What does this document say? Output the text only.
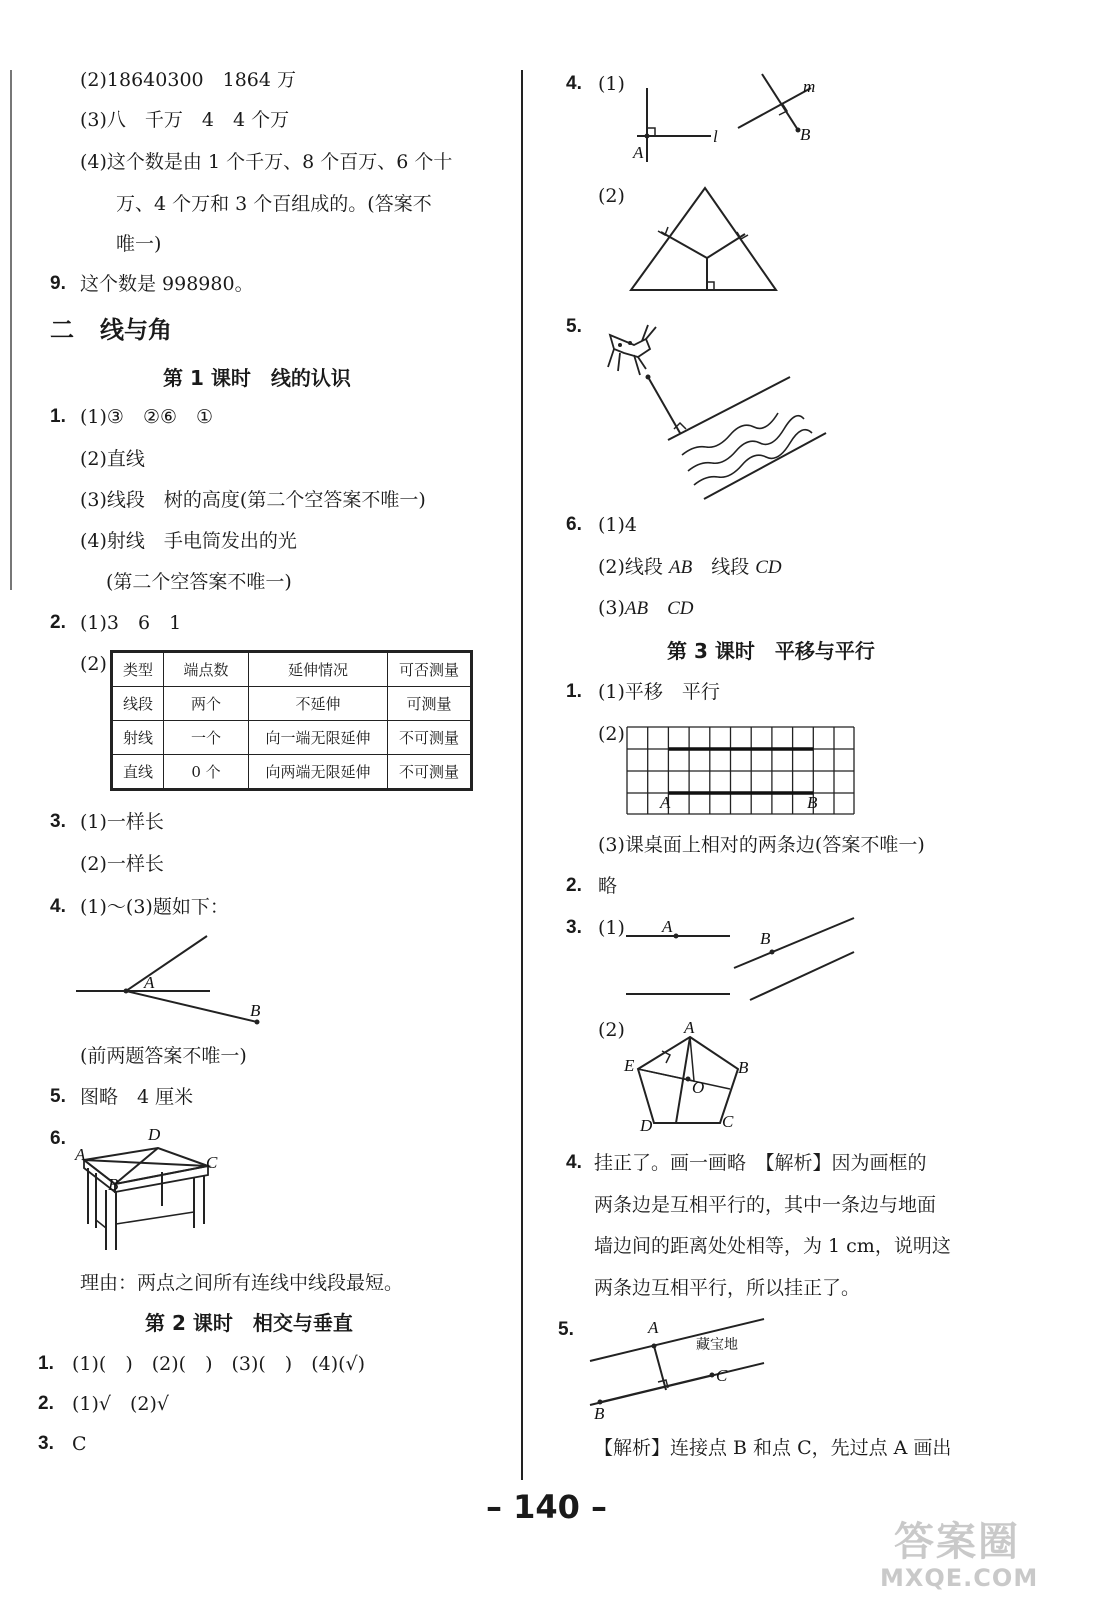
(2)18640300　1864 万
(3)八　千万　4　4 个万
(4)这个数是由 1 个千万、8 个百万、6 个十
万、4 个万和 3 个百组成的。(答案不
唯一)
9. 这个数是 998980。
二 线与角
第 1 课时　线的认识
1. (1)③　②⑥　①
(2)直线
(3)线段　树的高度(第二个空答案不唯一)
(4)射线　手电筒发出的光
(第二个空答案不唯一)
2. (1)3　6　1
(2) 类型	端点数	延伸情况	可否测量
线段	两个	不延伸	可测量
射线	一个	向一端无限延伸	不可测量
直线	0 个	向两端无限延伸	不可测量
3. (1)一样长
(2)一样长
4. (1)～(3)题如下：
A
B
(前两题答案不唯一)
5. 图略　4 厘米
6.
A
D
C
B
理由：两点之间所有连线中线段最短。
第 2 课时　相交与垂直
1. (1)(　)　(2)(　)　(3)(　)　(4)(√)
2. (1)√　(2)√
3. C
4. (1)
A
l
m
B
(2)
5.
6. (1)4
(2)线段 AB　线段 CD
(3)AB　CD
第 3 课时　平移与平行
1. (1)平移　平行
(2)
A	B
(3)课桌面上相对的两条边(答案不唯一)
2. 略
3. (1) A
B
(2)	A
B
C
D
E
O
4. 挂正了。画一画略　【解析】因为画框的
两条边是互相平行的，其中一条边与地面
墙边间的距离处处相等，为 1 cm，说明这
两条边互相平行，所以挂正了。
5.	A
B
C
藏宝地
【解析】连接点 B 和点 C，先过点 A 画出
– 140 –
答案圈
MXQE.COM
